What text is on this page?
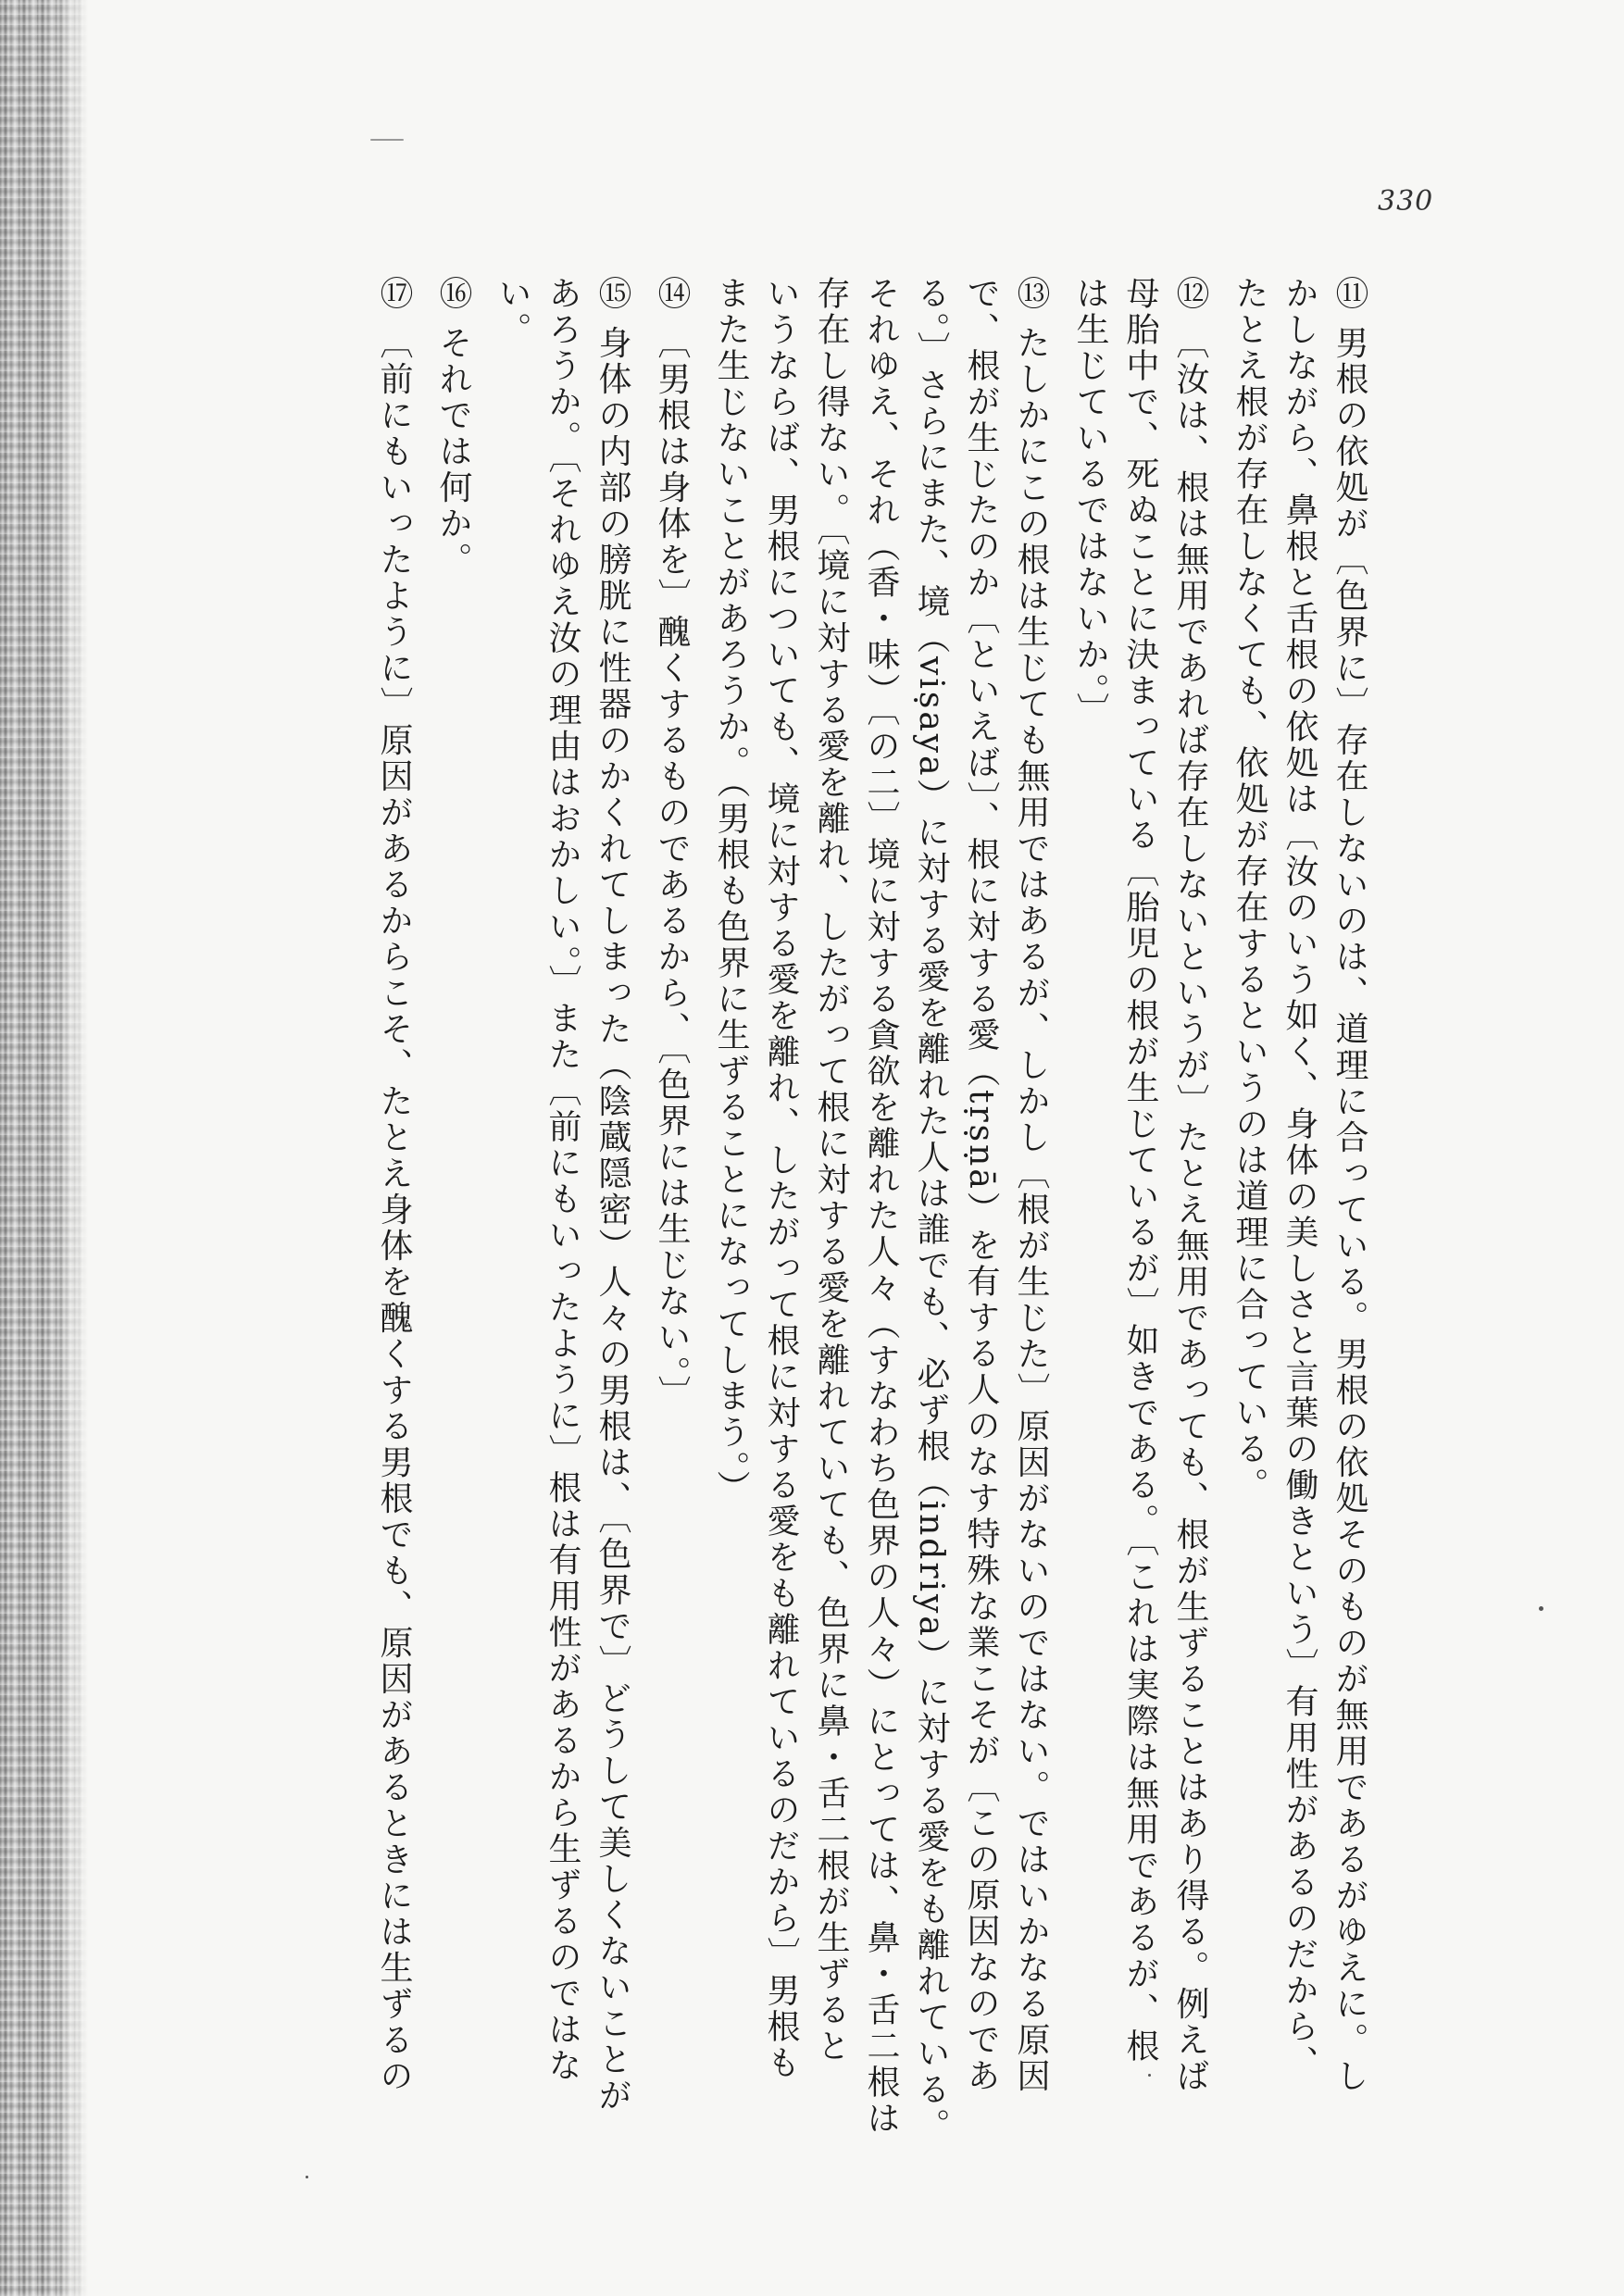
330
⑪ 男根の依処が〔色界に〕存在しないのは、道理に合っている。男根の依処そのものが無用であるがゆえに。し
かしながら、鼻根と舌根の依処は〔汝のいう如く、身体の美しさと言葉の働きという〕有用性があるのだから、
たとえ根が存在しなくても、依処が存在するというのは道理に合っている。
⑫ 〔汝は、根は無用であれば存在しないというが〕たとえ無用であっても、根が生ずることはあり得る。例えば
母胎中で、死ぬことに決まっている〔胎児の根が生じているが〕如きである。〔これは実際は無用であるが、根
は生じているではないか。〕
⑬ たしかにこの根は生じても無用ではあるが、しかし〔根が生じた〕原因がないのではない。ではいかなる原因
で、根が生じたのか〔といえば〕、根に対する愛（tṛṣṇā）を有する人のなす特殊な業こそが〔この原因なのであ
る。〕さらにまた、境（viṣaya）に対する愛を離れた人は誰でも、必ず根（indriya）に対する愛をも離れている。
それゆえ、それ（香・味）〔の二〕境に対する貪欲を離れた人々（すなわち色界の人々）にとっては、鼻・舌二根は
存在し得ない。〔境に対する愛を離れ、したがって根に対する愛を離れていても、色界に鼻・舌二根が生ずると
いうならば、男根についても、境に対する愛を離れ、したがって根に対する愛をも離れているのだから〕男根も
また生じないことがあろうか。（男根も色界に生ずることになってしまう。）
⑭ 〔男根は身体を〕醜くするものであるから、〔色界には生じない。〕
⑮ 身体の内部の膀胱に性器のかくれてしまった（陰蔵隠密）人々の男根は、〔色界で〕どうして美しくないことが
あろうか。〔それゆえ汝の理由はおかしい。〕また〔前にもいったように〕根は有用性があるから生ずるのではな
い。
⑯ それでは何か。
⑰ 〔前にもいったように〕原因があるからこそ、たとえ身体を醜くする男根でも、原因があるときには生ずるの
